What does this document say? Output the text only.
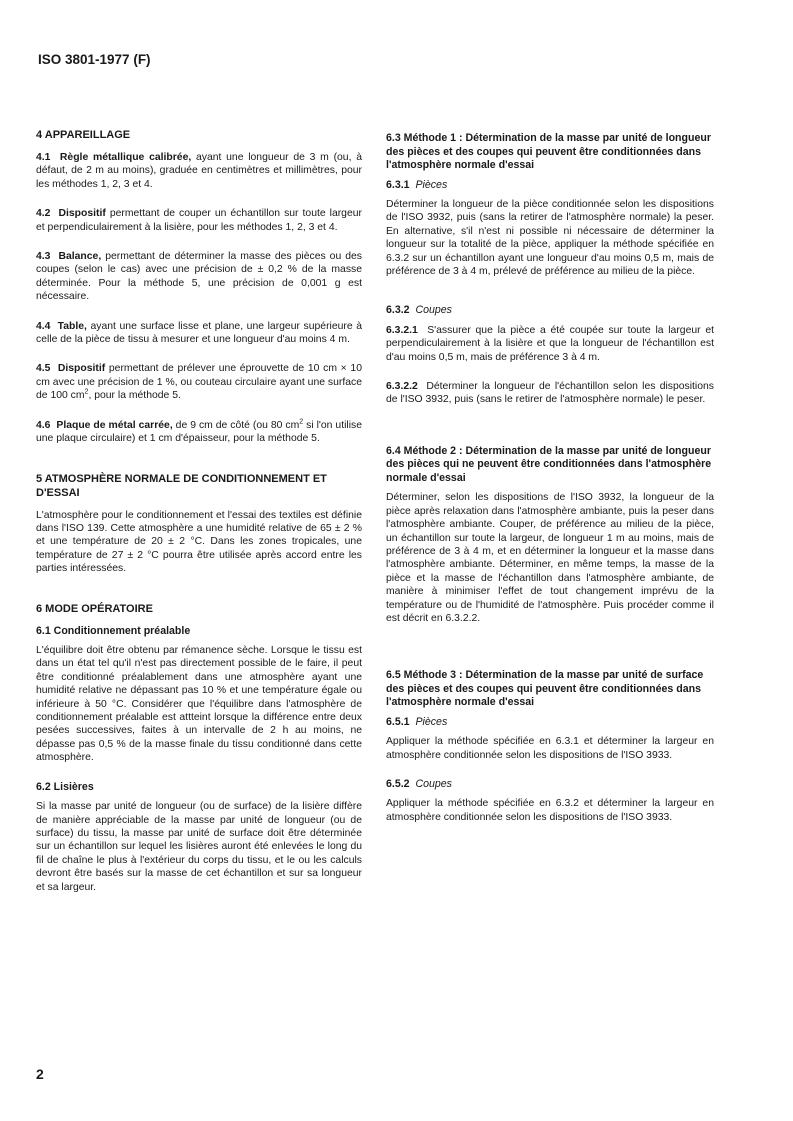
ISO 3801-1977 (F)
4 APPAREILLAGE

4.1 Règle métallique calibrée, ayant une longueur de 3 m (ou, à défaut, de 2 m au moins), graduée en centimètres et millimètres, pour les méthodes 1, 2, 3 et 4.

4.2 Dispositif permettant de couper un échantillon sur toute largeur et perpendiculairement à la lisière, pour les méthodes 1, 2, 3 et 4.

4.3 Balance, permettant de déterminer la masse des pièces ou des coupes (selon le cas) avec une précision de ± 0,2 % de la masse déterminée. Pour la méthode 5, une précision de 0,001 g est nécessaire.

4.4 Table, ayant une surface lisse et plane, une largeur supérieure à celle de la pièce de tissu à mesurer et une longueur d'au moins 4 m.

4.5 Dispositif permettant de prélever une éprouvette de 10 cm × 10 cm avec une précision de 1 %, ou couteau circulaire ayant une surface de 100 $cm^2$, pour la méthode 5.

4.6 Plaque de métal carrée, de 9 cm de côté (ou 80 $cm^2$ si l'on utilise une plaque circulaire) et 1 cm d'épaisseur, pour la méthode 5.

5 ATMOSPHÈRE NORMALE DE CONDITIONNEMENT ET D'ESSAI

L'atmosphère pour le conditionnement et l'essai des textiles est définie dans l'ISO 139. Cette atmosphère a une humidité relative de 65 ± 2 % et une température de 20 ± 2 °C. Dans les zones tropicales, une température de 27 ± 2 °C pourra être utilisée après accord entre les parties intéressées.

6 MODE OPÉRATOIRE
6.1 Conditionnement préalable

L'équilibre doit être obtenu par rémanence sèche. Lorsque le tissu est dans un état tel qu'il n'est pas directement possible de le faire, il peut être conditionné préalablement dans une atmosphère ayant une humidité relative ne dépassant pas 10 % et une température égale ou inférieure à 50 °C. Considérer que l'équilibre dans l'atmosphère de conditionnement préalable est attteint lorsque la différence entre deux pesées successives, faites à un intervalle de 2 h au moins, ne dépasse pas 0,5 % de la masse finale du tissu conditionné dans cette atmosphère.

6.2 Lisières

Si la masse par unité de longueur (ou de surface) de la lisière diffère de manière appréciable de la masse par unité de longueur (ou de surface) du tissu, la masse par unité de surface doit être déterminée sur un échantillon sur lequel les lisières auront été enlevées le long du fil de chaîne le plus à l'extérieur du corps du tissu, et le ou les calculs devront être basés sur la masse de cet échantillon et sur sa longueur et sa largeur.

6.3 Méthode 1 : Détermination de la masse par unité de longueur des pièces et des coupes qui peuvent être conditionnées dans l'atmosphère normale d'essai
6.3.1 Pièces

Déterminer la longueur de la pièce conditionnée selon les dispositions de l'ISO 3932, puis (sans la retirer de l'atmosphère normale) la peser. En alternative, s'il n'est ni possible ni nécessaire de déterminer la longueur sur la totalité de la pièce, appliquer la méthode spécifiée en 6.3.2 sur un échantillon ayant une longueur d'au moins 0,5 m, mais de préférence de 3 à 4 m, prélevé de préférence au milieu de la pièce.

6.3.2 Coupes

6.3.2.1 S'assurer que la pièce a été coupée sur toute la largeur et perpendiculairement à la lisière et que la longueur de l'échantillon est d'au moins 0,5 m, mais de préférence 3 à 4 m.

6.3.2.2 Déterminer la longueur de l'échantillon selon les dispositions de l'ISO 3932, puis (sans le retirer de l'atmosphère normale) le peser.

6.4 Méthode 2 : Détermination de la masse par unité de longueur des pièces qui ne peuvent être conditionnées dans l'atmosphère normale d'essai

Déterminer, selon les dispositions de l'ISO 3932, la longueur de la pièce après relaxation dans l'atmosphère ambiante, puis la peser dans l'atmosphère ambiante. Couper, de préférence au milieu de la pièce, un échantillon sur toute la largeur, de longueur 1 m au moins, mais de préférence de 3 à 4 m, et en déterminer la longueur et la masse dans l'atmosphère ambiante. Déterminer, en même temps, la masse de la pièce et la masse de l'échantillon dans l'atmosphère ambiante, de manière à minimiser l'effet de tout changement imprévu de la température ou de l'humidité de l'atmosphère. Puis procéder comme il est décrit en 6.3.2.2.

6.5 Méthode 3 : Détermination de la masse par unité de surface des pièces et des coupes qui peuvent être conditionnées dans l'atmosphère normale d'essai
6.5.1 Pièces

Appliquer la méthode spécifiée en 6.3.1 et déterminer la largeur en atmosphère conditionnée selon les dispositions de l'ISO 3933.

6.5.2 Coupes

Appliquer la méthode spécifiée en 6.3.2 et déterminer la largeur en atmosphère conditionnée selon les dispositions de l'ISO 3933.

2
